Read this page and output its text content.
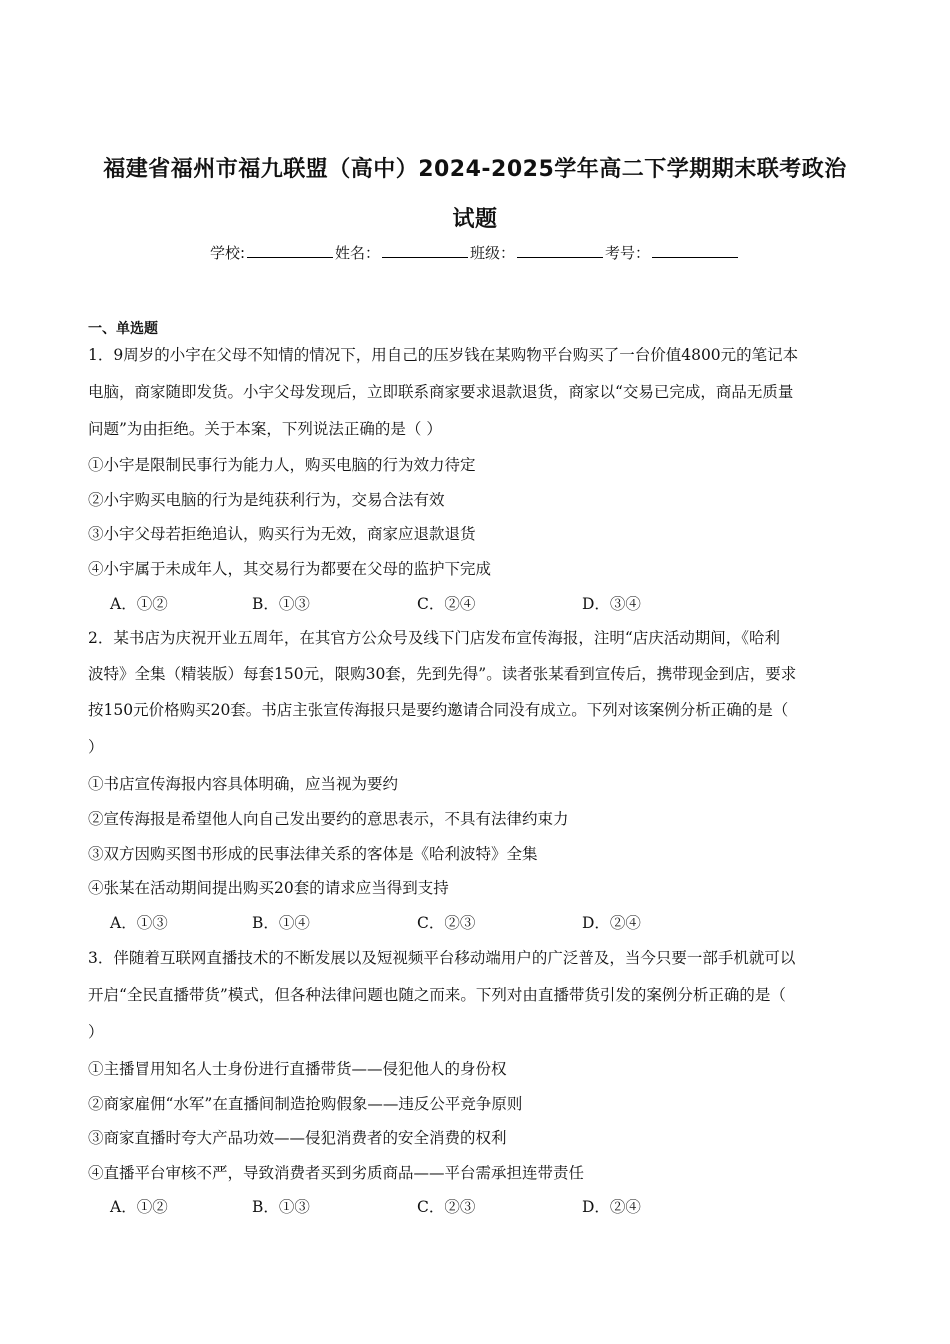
福建省福州市福九联盟（高中）2024-2025学年高二下学期期末联考政治
试题
学校:	姓名：	班级：	考号：
一、单选题
1．9周岁的小宇在父母不知情的情况下，用自己的压岁钱在某购物平台购买了一台价值4800元的笔记本
电脑，商家随即发货。小宇父母发现后，立即联系商家要求退款退货，商家以“交易已完成，商品无质量
问题”为由拒绝。关于本案，下列说法正确的是（ ）
①小宇是限制民事行为能力人，购买电脑的行为效力待定
②小宇购买电脑的行为是纯获利行为，交易合法有效
③小宇父母若拒绝追认，购买行为无效，商家应退款退货
④小宇属于未成年人，其交易行为都要在父母的监护下完成
A．①②	B．①③	C．②④	D．③④
2．某书店为庆祝开业五周年，在其官方公众号及线下门店发布宣传海报，注明“店庆活动期间，《哈利
波特》全集（精装版）每套150元，限购30套，先到先得”。读者张某看到宣传后，携带现金到店，要求
按150元价格购买20套。书店主张宣传海报只是要约邀请合同没有成立。下列对该案例分析正确的是（
）
①书店宣传海报内容具体明确，应当视为要约
②宣传海报是希望他人向自己发出要约的意思表示，不具有法律约束力
③双方因购买图书形成的民事法律关系的客体是《哈利波特》全集
④张某在活动期间提出购买20套的请求应当得到支持
A．①③	B．①④	C．②③	D．②④
3．伴随着互联网直播技术的不断发展以及短视频平台移动端用户的广泛普及，当今只要一部手机就可以
开启“全民直播带货”模式，但各种法律问题也随之而来。下列对由直播带货引发的案例分析正确的是（
）
①主播冒用知名人士身份进行直播带货——侵犯他人的身份权
②商家雇佣“水军”在直播间制造抢购假象——违反公平竞争原则
③商家直播时夸大产品功效——侵犯消费者的安全消费的权利
④直播平台审核不严，导致消费者买到劣质商品——平台需承担连带责任
A．①②	B．①③	C．②③	D．②④
